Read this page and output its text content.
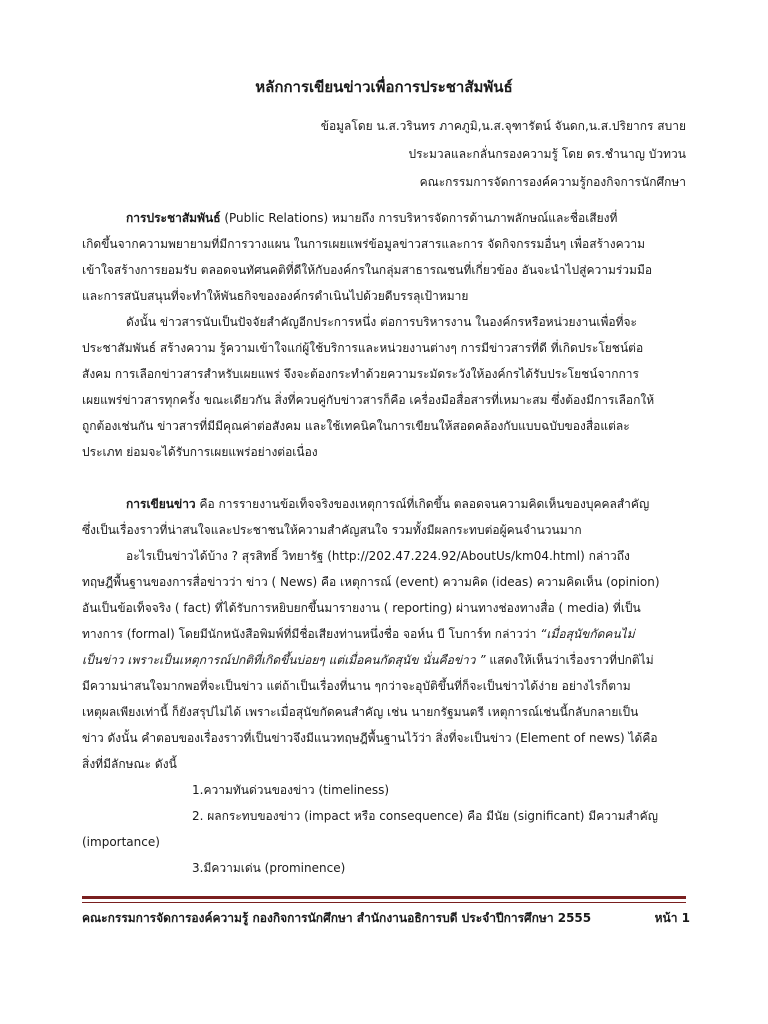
หลักการเขียนข่าวเพื่อการประชาสัมพันธ์
ข้อมูลโดย น.ส.วรินทร ภาคภูมิ,น.ส.จุฑารัตน์ จันดก,น.ส.ปริยากร สบาย
ประมวลและกลั่นกรองความรู้ โดย ดร.ชำนาญ บัวทวน
คณะกรรมการจัดการองค์ความรู้กองกิจการนักศึกษา

การประชาสัมพันธ์ (Public Relations) หมายถึง การบริหารจัดการด้านภาพลักษณ์และชื่อเสียงที่

เกิดขึ้นจากความพยายามที่มีการวางแผน ในการเผยแพร่ข้อมูลข่าวสารและการ จัดกิจกรรมอื่นๆ เพื่อสร้างความ

เข้าใจสร้างการยอมรับ ตลอดจนทัศนคติที่ดีให้กับองค์กรในกลุ่มสาธารณชนที่เกี่ยวข้อง อันจะนำไปสู่ความร่วมมือ

และการสนับสนุนที่จะทำให้พันธกิจขององค์กรดำเนินไปด้วยดีบรรลุเป้าหมาย

ดังนั้น ข่าวสารนับเป็นปัจจัยสำคัญอีกประการหนึ่ง ต่อการบริหารงาน ในองค์กรหรือหน่วยงานเพื่อที่จะ

ประชาสัมพันธ์ สร้างความ รู้ความเข้าใจแก่ผู้ใช้บริการและหน่วยงานต่างๆ การมีข่าวสารที่ดี ที่เกิดประโยชน์ต่อ

สังคม การเลือกข่าวสารสำหรับเผยแพร่ จึงจะต้องกระทำด้วยความระมัดระวังให้องค์กรได้รับประโยชน์จากการ

เผยแพร่ข่าวสารทุกครั้ง ขณะเดียวกัน สิ่งที่ควบคู่กับข่าวสารก็คือ เครื่องมือสื่อสารที่เหมาะสม ซึ่งต้องมีการเลือกให้

ถูกต้องเช่นกัน ข่าวสารที่มีมีคุณค่าต่อสังคม และใช้เทคนิคในการเขียนให้สอดคล้องกับแบบฉบับของสื่อแต่ละ

ประเภท ย่อมจะได้รับการเผยแพร่อย่างต่อเนื่อง

การเขียนข่าว คือ การรายงานข้อเท็จจริงของเหตุการณ์ที่เกิดขึ้น ตลอดจนความคิดเห็นของบุคคลสำคัญ

ซึ่งเป็นเรื่องราวที่น่าสนใจและประชาชนให้ความสำคัญสนใจ รวมทั้งมีผลกระทบต่อผู้คนจำนวนมาก

อะไรเป็นข่าวได้บ้าง ? สุรสิทธิ์ วิทยารัฐ (http://202.47.224.92/AboutUs/km04.html) กล่าวถึง

ทฤษฎีพื้นฐานของการสื่อข่าวว่า ข่าว ( News) คือ เหตุการณ์ (event) ความคิด (ideas) ความคิดเห็น (opinion)

อันเป็นข้อเท็จจริง ( fact) ที่ได้รับการหยิบยกขึ้นมารายงาน ( reporting) ผ่านทางช่องทางสื่อ ( media) ที่เป็น

ทางการ (formal) โดยมีนักหนังสือพิมพ์ที่มีชื่อเสียงท่านหนึ่งชื่อ จอห์น บี โบการ์ท กล่าวว่า “เมื่อสุนัขกัดคนไม่

เป็นข่าว เพราะเป็นเหตุการณ์ปกติที่เกิดขึ้นบ่อยๆ แต่เมื่อคนกัดสุนัข นั่นคือข่าว ” แสดงให้เห็นว่าเรื่องราวที่ปกติไม่

มีความน่าสนใจมากพอที่จะเป็นข่าว แต่ถ้าเป็นเรื่องที่นาน ๆกว่าจะอุบัติขึ้นที่ก็จะเป็นข่าวได้ง่าย อย่างไรก็ตาม

เหตุผลเพียงเท่านี้ ก็ยังสรุปไม่ได้ เพราะเมื่อสุนัขกัดคนสำคัญ เช่น นายกรัฐมนตรี เหตุการณ์เช่นนี้กลับกลายเป็น

ข่าว ดังนั้น คำตอบของเรื่องราวที่เป็นข่าวจึงมีแนวทฤษฎีพื้นฐานไว้ว่า สิ่งที่จะเป็นข่าว (Element of news) ได้คือ

สิ่งที่มีลักษณะ ดังนี้

1.ความทันด่วนของข่าว (timeliness)

2. ผลกระทบของข่าว (impact หรือ consequence) คือ มีนัย (significant) มีความสำคัญ

(importance)

3.มีความเด่น (prominence)

คณะกรรมการจัดการองค์ความรู้ กองกิจการนักศึกษา สำนักงานอธิการบดี ประจำปีการศึกษา 2555	หน้า 1
